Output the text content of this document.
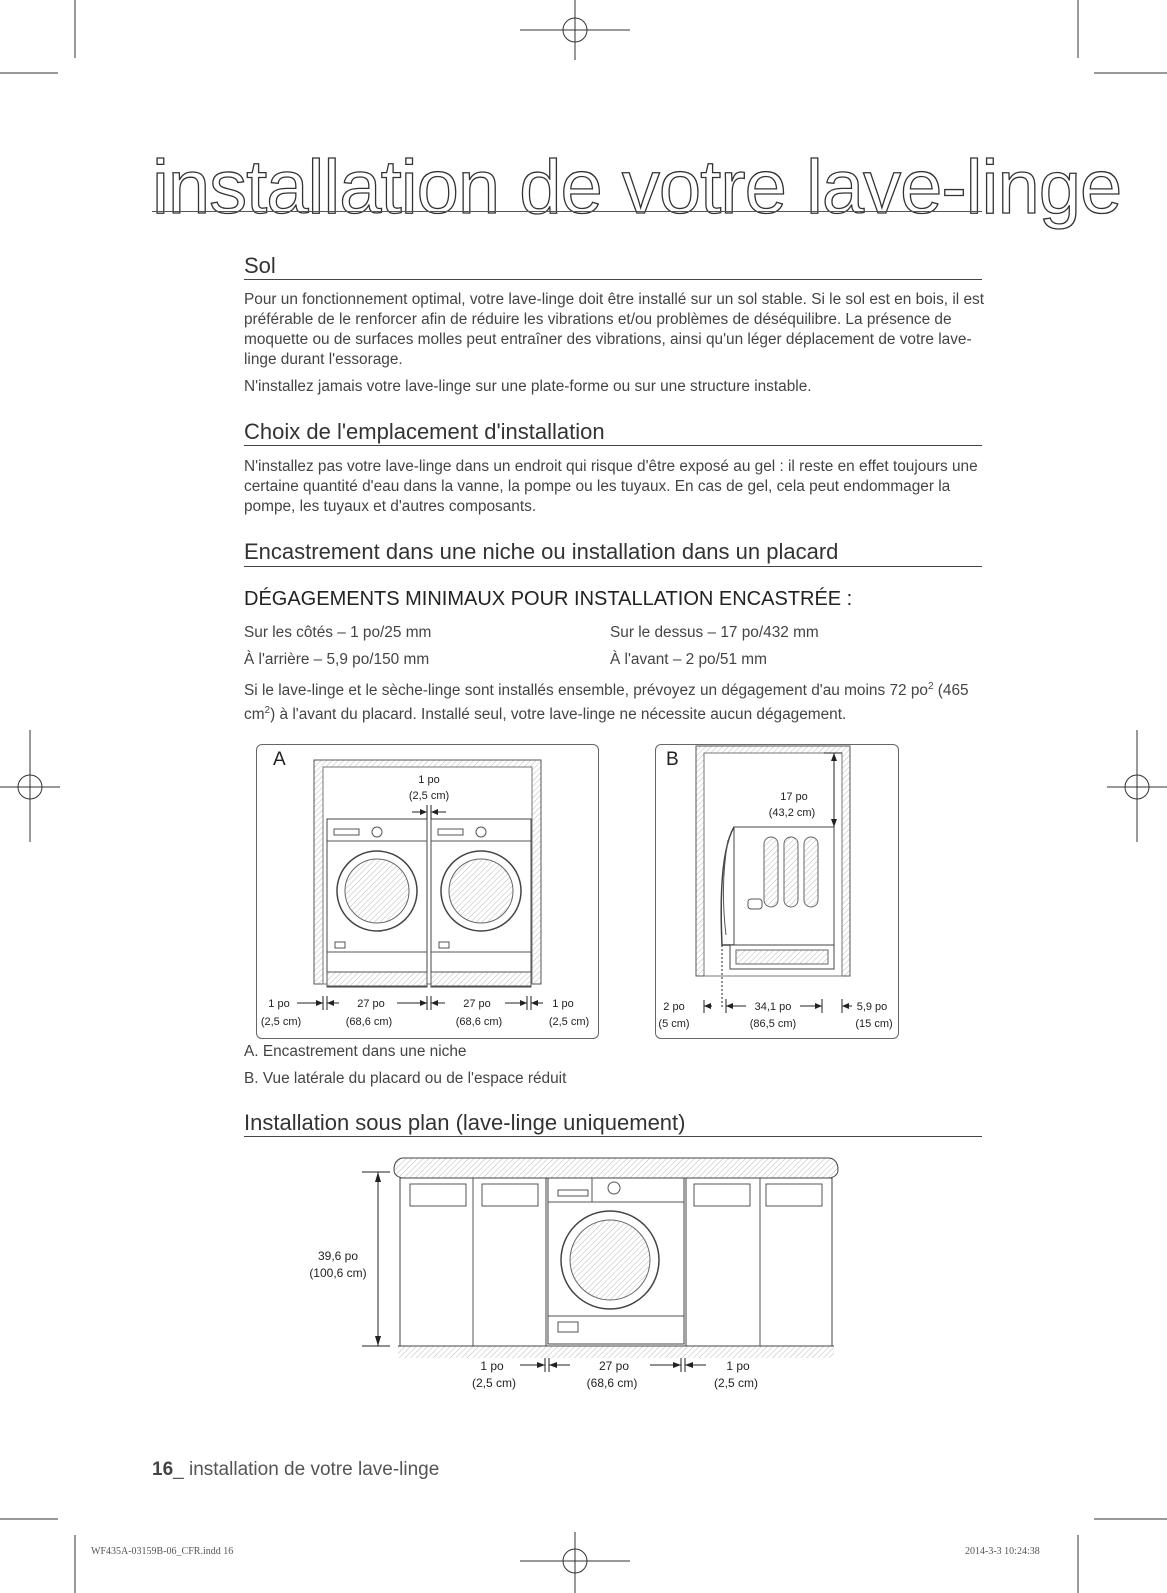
installation de votre lave-linge
Sol
Pour un fonctionnement optimal, votre lave-linge doit être installé sur un sol stable. Si le sol est en bois, il est préférable de le renforcer afin de réduire les vibrations et/ou problèmes de déséquilibre. La présence de moquette ou de surfaces molles peut entraîner des vibrations, ainsi qu'un léger déplacement de votre lave-linge durant l'essorage.
N'installez jamais votre lave-linge sur une plate-forme ou sur une structure instable.
Choix de l'emplacement d'installation
N'installez pas votre lave-linge dans un endroit qui risque d'être exposé au gel : il reste en effet toujours une certaine quantité d'eau dans la vanne, la pompe ou les tuyaux. En cas de gel, cela peut endommager la pompe, les tuyaux et d'autres composants.
Encastrement dans une niche ou installation dans un placard
DÉGAGEMENTS MINIMAUX POUR INSTALLATION ENCASTRÉE :
Sur les côtés – 1 po/25 mm	Sur le dessus – 17 po/432 mm
À l'arrière – 5,9 po/150 mm	À l'avant – 2 po/51 mm
Si le lave-linge et le sèche-linge sont installés ensemble, prévoyez un dégagement d'au moins 72 $po^2$ (465 $cm^2$) à l'avant du placard. Installé seul, votre lave-linge ne nécessite aucun dégagement.
A
1 po
(2,5 cm)
1 po
(2,5 cm)
27 po
(68,6 cm)
27 po
(68,6 cm)
1 po
(2,5 cm)
B
17 po
(43,2 cm)
2 po
(5 cm)
34,1 po
(86,5 cm)
5,9 po
(15 cm)
A. Encastrement dans une niche
B. Vue latérale du placard ou de l'espace réduit
Installation sous plan (lave-linge uniquement)
39,6 po
(100,6 cm)
1 po
(2,5 cm)
27 po
(68,6 cm)
1 po
(2,5 cm)
16_ installation de votre lave-linge
WF435A-03159B-06_CFR.indd 16	2014-3-3 10:24:38
